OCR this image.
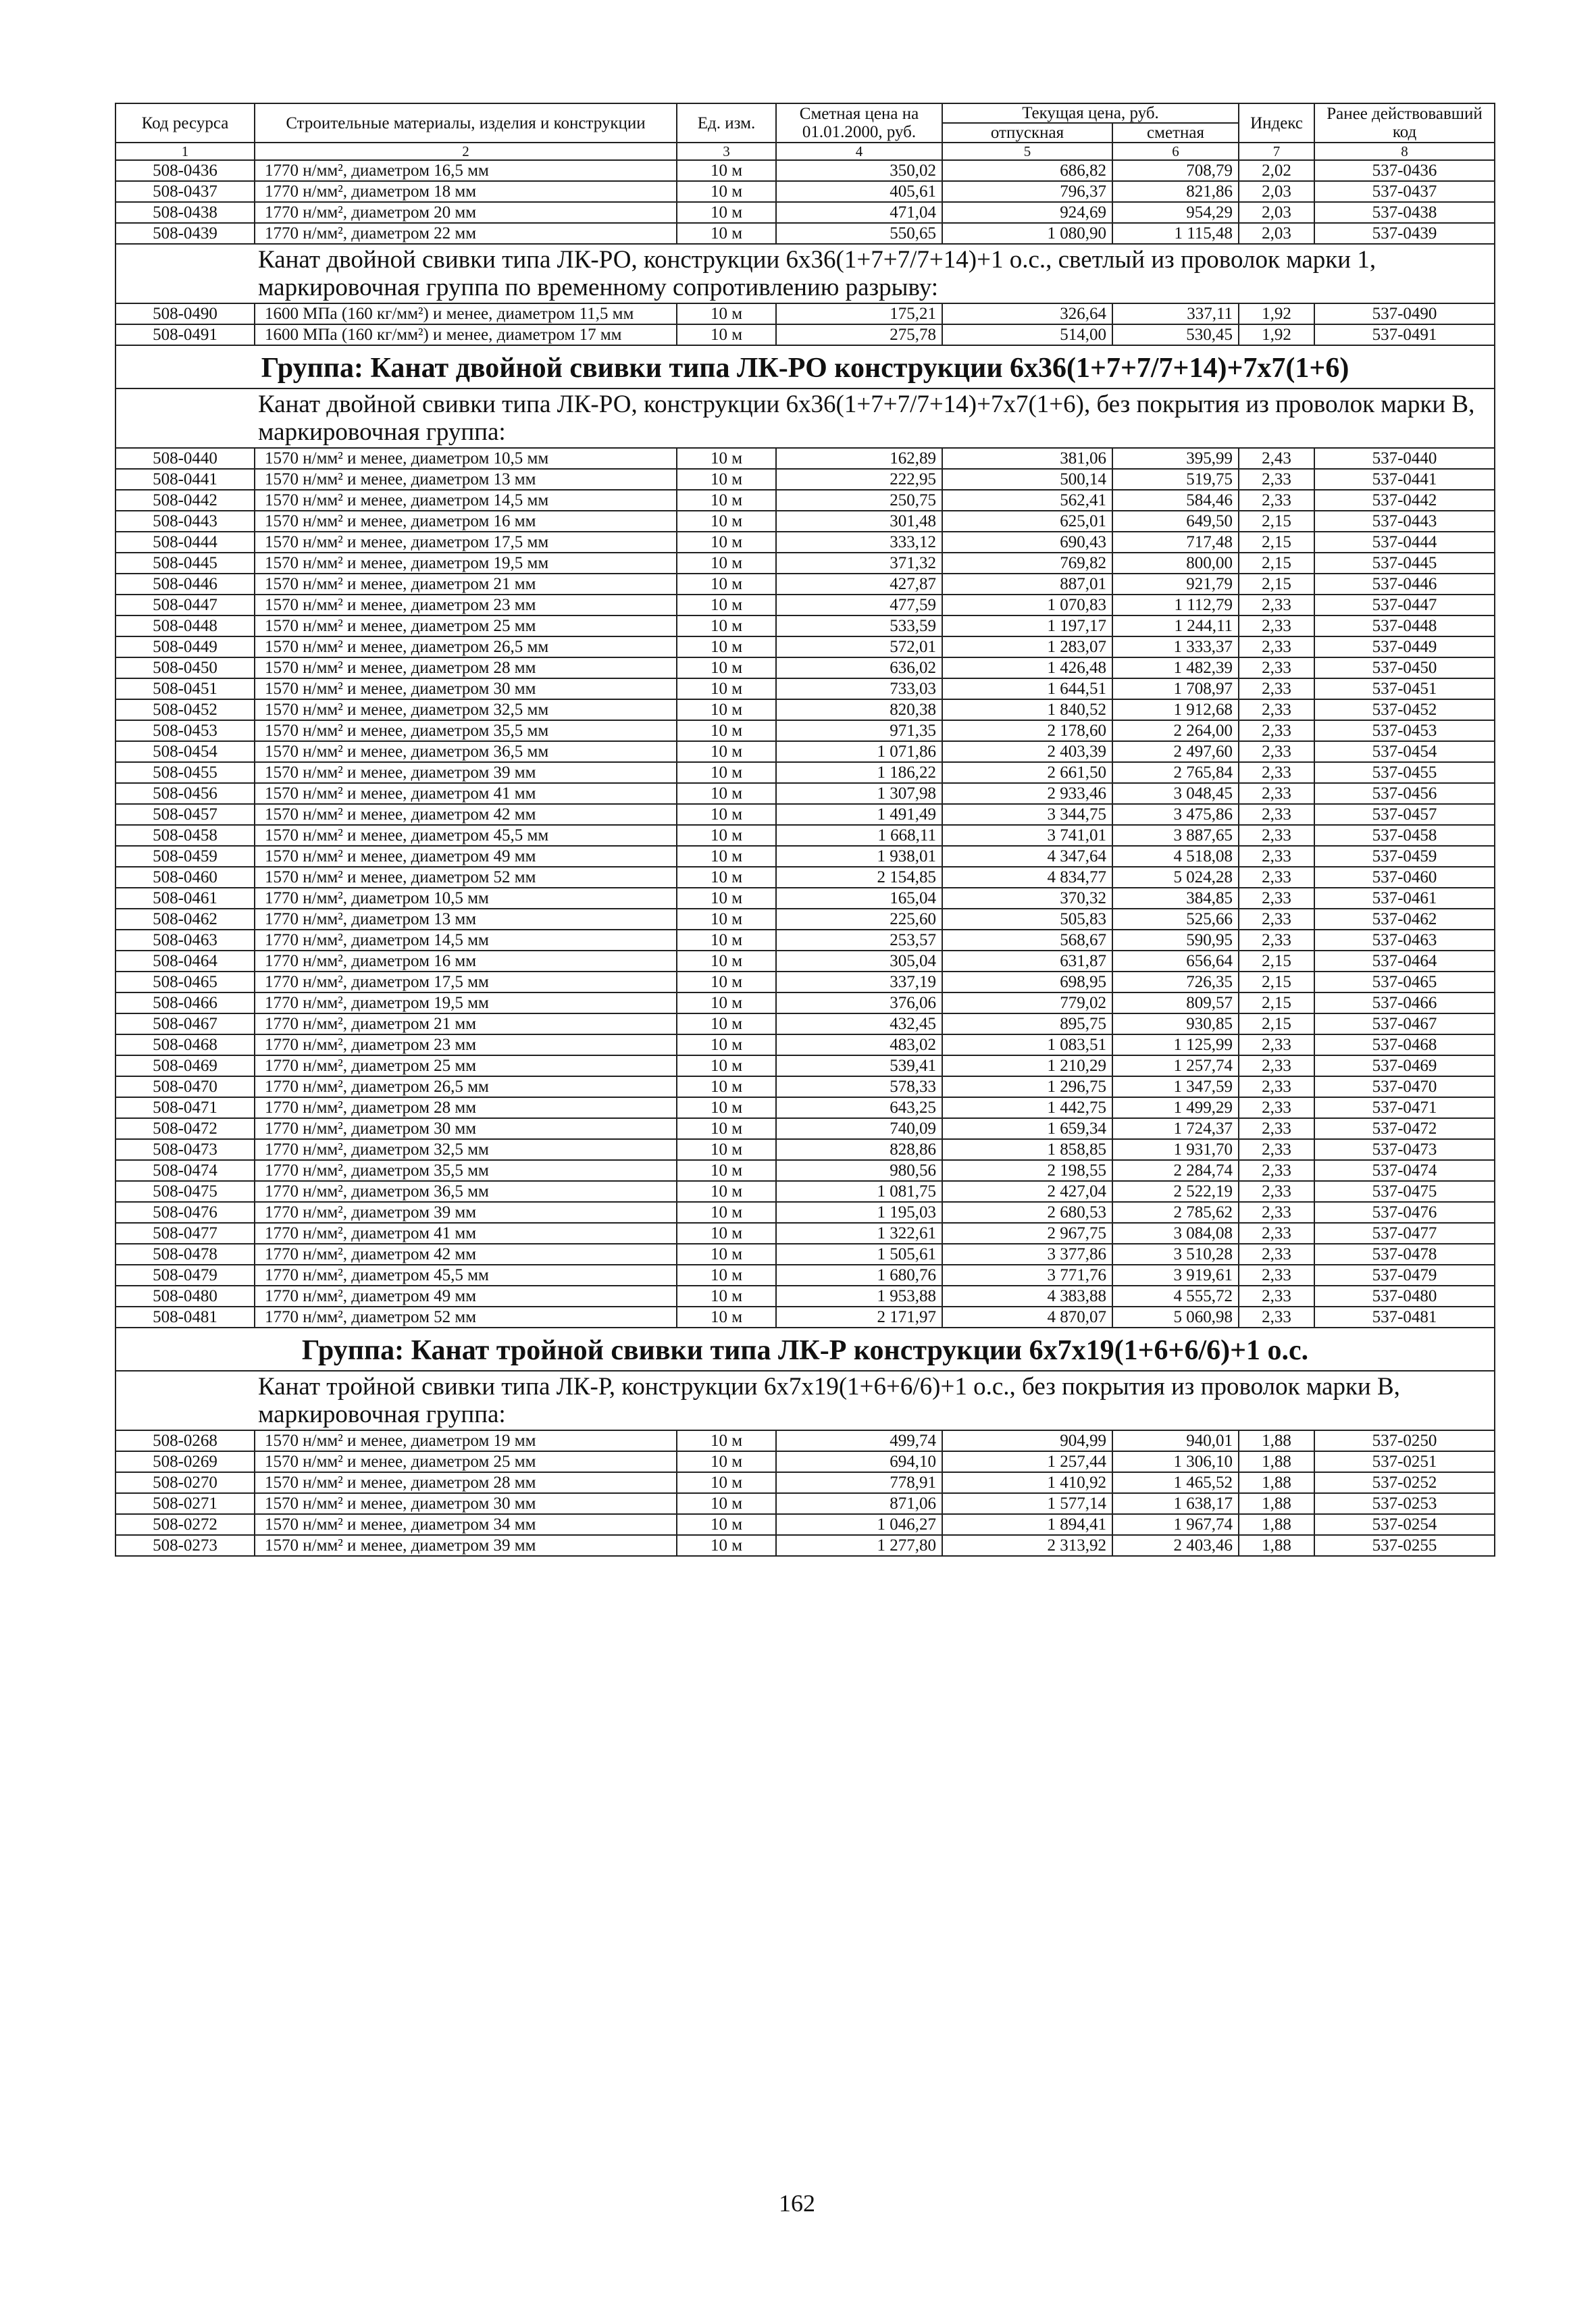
Код ресурса	Строительные материалы, изделия и конструкции	Ед. изм.	Сметная цена на 01.01.2000, руб.	Текущая цена, руб.		Индекс	Ранее действовавший код
				отпускная	сметная		
1	2	3	4	5	6	7	8
508-0436	1770 н/мм², диаметром 16,5 мм	10 м	350,02	686,82	708,79	2,02	537-0436
508-0437	1770 н/мм², диаметром 18 мм	10 м	405,61	796,37	821,86	2,03	537-0437
508-0438	1770 н/мм², диаметром 20 мм	10 м	471,04	924,69	954,29	2,03	537-0438
508-0439	1770 н/мм², диаметром 22 мм	10 м	550,65	1 080,90	1 115,48	2,03	537-0439
Канат двойной свивки типа ЛК-РО, конструкции 6х36(1+7+7/7+14)+1 о.с., светлый из проволок марки 1, маркировочная группа по временному сопротивлению разрыву:							
508-0490	1600 МПа (160 кг/мм²) и менее, диаметром 11,5 мм	10 м	175,21	326,64	337,11	1,92	537-0490
508-0491	1600 МПа (160 кг/мм²) и менее, диаметром 17 мм	10 м	275,78	514,00	530,45	1,92	537-0491
Группа: Канат двойной свивки типа ЛК-РО конструкции 6х36(1+7+7/7+14)+7х7(1+6)							
Канат двойной свивки типа ЛК-РО, конструкции 6х36(1+7+7/7+14)+7х7(1+6), без покрытия из проволок марки В, маркировочная группа:							
508-0440	1570 н/мм² и менее, диаметром 10,5 мм	10 м	162,89	381,06	395,99	2,43	537-0440
508-0441	1570 н/мм² и менее, диаметром 13 мм	10 м	222,95	500,14	519,75	2,33	537-0441
508-0442	1570 н/мм² и менее, диаметром 14,5 мм	10 м	250,75	562,41	584,46	2,33	537-0442
508-0443	1570 н/мм² и менее, диаметром 16 мм	10 м	301,48	625,01	649,50	2,15	537-0443
508-0444	1570 н/мм² и менее, диаметром 17,5 мм	10 м	333,12	690,43	717,48	2,15	537-0444
508-0445	1570 н/мм² и менее, диаметром 19,5 мм	10 м	371,32	769,82	800,00	2,15	537-0445
508-0446	1570 н/мм² и менее, диаметром 21 мм	10 м	427,87	887,01	921,79	2,15	537-0446
508-0447	1570 н/мм² и менее, диаметром 23 мм	10 м	477,59	1 070,83	1 112,79	2,33	537-0447
508-0448	1570 н/мм² и менее, диаметром 25 мм	10 м	533,59	1 197,17	1 244,11	2,33	537-0448
508-0449	1570 н/мм² и менее, диаметром 26,5 мм	10 м	572,01	1 283,07	1 333,37	2,33	537-0449
508-0450	1570 н/мм² и менее, диаметром 28 мм	10 м	636,02	1 426,48	1 482,39	2,33	537-0450
508-0451	1570 н/мм² и менее, диаметром 30 мм	10 м	733,03	1 644,51	1 708,97	2,33	537-0451
508-0452	1570 н/мм² и менее, диаметром 32,5 мм	10 м	820,38	1 840,52	1 912,68	2,33	537-0452
508-0453	1570 н/мм² и менее, диаметром 35,5 мм	10 м	971,35	2 178,60	2 264,00	2,33	537-0453
508-0454	1570 н/мм² и менее, диаметром 36,5 мм	10 м	1 071,86	2 403,39	2 497,60	2,33	537-0454
508-0455	1570 н/мм² и менее, диаметром 39 мм	10 м	1 186,22	2 661,50	2 765,84	2,33	537-0455
508-0456	1570 н/мм² и менее, диаметром 41 мм	10 м	1 307,98	2 933,46	3 048,45	2,33	537-0456
508-0457	1570 н/мм² и менее, диаметром 42 мм	10 м	1 491,49	3 344,75	3 475,86	2,33	537-0457
508-0458	1570 н/мм² и менее, диаметром 45,5 мм	10 м	1 668,11	3 741,01	3 887,65	2,33	537-0458
508-0459	1570 н/мм² и менее, диаметром 49 мм	10 м	1 938,01	4 347,64	4 518,08	2,33	537-0459
508-0460	1570 н/мм² и менее, диаметром 52 мм	10 м	2 154,85	4 834,77	5 024,28	2,33	537-0460
508-0461	1770 н/мм², диаметром 10,5 мм	10 м	165,04	370,32	384,85	2,33	537-0461
508-0462	1770 н/мм², диаметром 13 мм	10 м	225,60	505,83	525,66	2,33	537-0462
508-0463	1770 н/мм², диаметром 14,5 мм	10 м	253,57	568,67	590,95	2,33	537-0463
508-0464	1770 н/мм², диаметром 16 мм	10 м	305,04	631,87	656,64	2,15	537-0464
508-0465	1770 н/мм², диаметром 17,5 мм	10 м	337,19	698,95	726,35	2,15	537-0465
508-0466	1770 н/мм², диаметром 19,5 мм	10 м	376,06	779,02	809,57	2,15	537-0466
508-0467	1770 н/мм², диаметром 21 мм	10 м	432,45	895,75	930,85	2,15	537-0467
508-0468	1770 н/мм², диаметром 23 мм	10 м	483,02	1 083,51	1 125,99	2,33	537-0468
508-0469	1770 н/мм², диаметром 25 мм	10 м	539,41	1 210,29	1 257,74	2,33	537-0469
508-0470	1770 н/мм², диаметром 26,5 мм	10 м	578,33	1 296,75	1 347,59	2,33	537-0470
508-0471	1770 н/мм², диаметром 28 мм	10 м	643,25	1 442,75	1 499,29	2,33	537-0471
508-0472	1770 н/мм², диаметром 30 мм	10 м	740,09	1 659,34	1 724,37	2,33	537-0472
508-0473	1770 н/мм², диаметром 32,5 мм	10 м	828,86	1 858,85	1 931,70	2,33	537-0473
508-0474	1770 н/мм², диаметром 35,5 мм	10 м	980,56	2 198,55	2 284,74	2,33	537-0474
508-0475	1770 н/мм², диаметром 36,5 мм	10 м	1 081,75	2 427,04	2 522,19	2,33	537-0475
508-0476	1770 н/мм², диаметром 39 мм	10 м	1 195,03	2 680,53	2 785,62	2,33	537-0476
508-0477	1770 н/мм², диаметром 41 мм	10 м	1 322,61	2 967,75	3 084,08	2,33	537-0477
508-0478	1770 н/мм², диаметром 42 мм	10 м	1 505,61	3 377,86	3 510,28	2,33	537-0478
508-0479	1770 н/мм², диаметром 45,5 мм	10 м	1 680,76	3 771,76	3 919,61	2,33	537-0479
508-0480	1770 н/мм², диаметром 49 мм	10 м	1 953,88	4 383,88	4 555,72	2,33	537-0480
508-0481	1770 н/мм², диаметром 52 мм	10 м	2 171,97	4 870,07	5 060,98	2,33	537-0481
Группа: Канат тройной свивки типа ЛК-Р конструкции 6х7х19(1+6+6/6)+1 о.с.							
Канат тройной свивки типа ЛК-Р, конструкции 6х7х19(1+6+6/6)+1 о.с., без покрытия из проволок марки В, маркировочная группа:							
508-0268	1570 н/мм² и менее, диаметром 19 мм	10 м	499,74	904,99	940,01	1,88	537-0250
508-0269	1570 н/мм² и менее, диаметром 25 мм	10 м	694,10	1 257,44	1 306,10	1,88	537-0251
508-0270	1570 н/мм² и менее, диаметром 28 мм	10 м	778,91	1 410,92	1 465,52	1,88	537-0252
508-0271	1570 н/мм² и менее, диаметром 30 мм	10 м	871,06	1 577,14	1 638,17	1,88	537-0253
508-0272	1570 н/мм² и менее, диаметром 34 мм	10 м	1 046,27	1 894,41	1 967,74	1,88	537-0254
508-0273	1570 н/мм² и менее, диаметром 39 мм	10 м	1 277,80	2 313,92	2 403,46	1,88	537-0255
162
